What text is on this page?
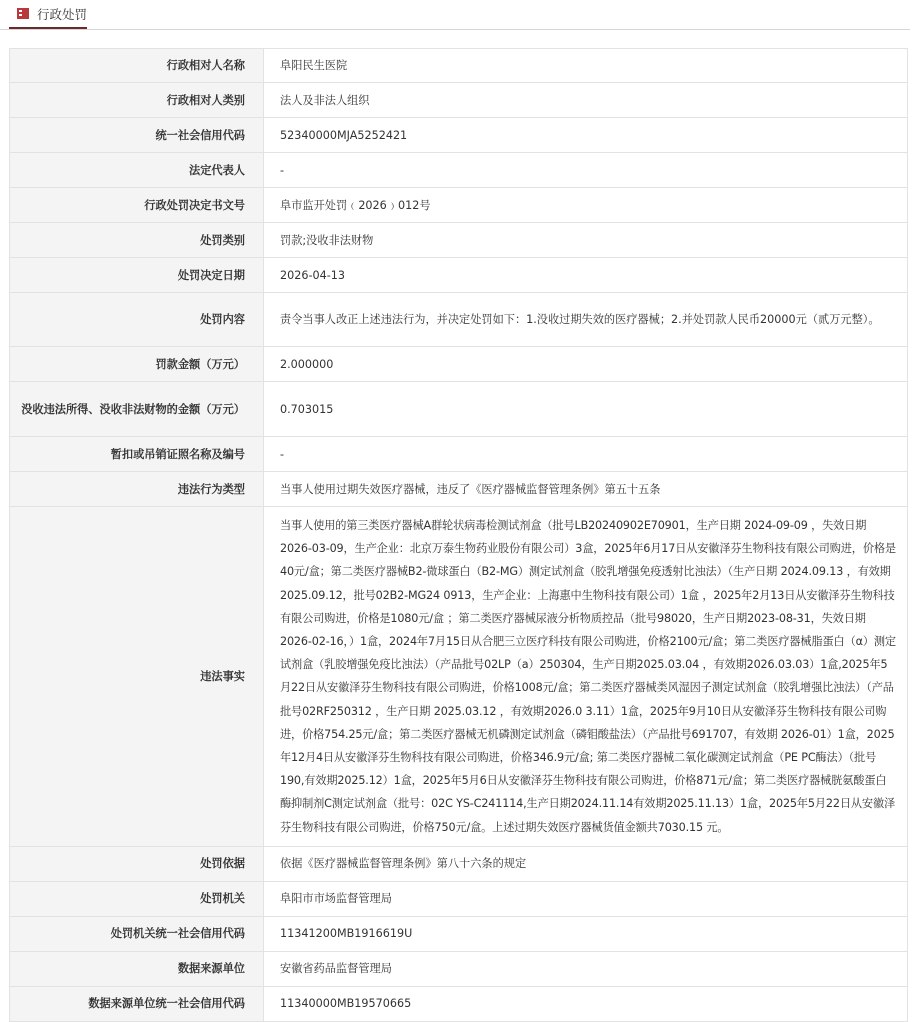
行政处罚
行政相对人名称	阜阳民生医院
行政相对人类别	法人及非法人组织
统一社会信用代码	52340000MJA5252421
法定代表人	-
行政处罚决定书文号	阜市监开处罚﹙2026﹚012号
处罚类别	罚款;没收非法财物
处罚决定日期	2026-04-13
处罚内容	责令当事人改正上述违法行为，并决定处罚如下：1.没收过期失效的医疗器械；2.并处罚款人民币20000元（贰万元整）。
罚款金额（万元）	2.000000
没收违法所得、没收非法财物的金额（万元）	0.703015
暂扣或吊销证照名称及编号	-
违法行为类型	当事人使用过期失效医疗器械，违反了《医疗器械监督管理条例》第五十五条
违法事实	当事人使用的第三类医疗器械A群轮状病毒检测试剂盒（批号LB20240902E70901，生产日期 2024-09-09 ，失效日期2026-03-09，生产企业：北京万泰生物药业股份有限公司）3盒，2025年6月17日从安徽泽芬生物科技有限公司购进，价格是40元/盒；第二类医疗器械B2-微球蛋白（B2-MG）测定试剂盒（胶乳增强免疫透射比浊法）（生产日期 2024.09.13 ，有效期2025.09.12，批号02B2-MG24 0913，生产企业：上海惠中生物科技有限公司）1盒 ，2025年2月13日从安徽泽芬生物科技有限公司购进，价格是1080元/盒 ；第二类医疗器械尿液分析物质控品（批号98020，生产日期2023-08-31，失效日期2026-02-16，）1盒，2024年7月15日从合肥三立医疗科技有限公司购进，价格2100元/盒；第二类医疗器械脂蛋白（α）测定试剂盒（乳胶增强免疫比浊法）（产品批号02LP（a）250304，生产日期2025.03.04 ，有效期2026.03.03）1盒,2025年5月22日从安徽泽芬生物科技有限公司购进，价格1008元/盒；第二类医疗器械类风湿因子测定试剂盒（胶乳增强比浊法）（产品批号02RF250312 ，生产日期 2025.03.12 ，有效期2026.0 3.11）1盒，2025年9月10日从安徽泽芬生物科技有限公司购进，价格754.25元/盒；第二类医疗器械无机磷测定试剂盒（磷钼酸盐法）（产品批号691707，有效期 2026-01）1盒，2025年12月4日从安徽泽芬生物科技有限公司购进，价格346.9元/盒; 第二类医疗器械二氧化碳测定试剂盒（PE PC酶法）（批号190,有效期2025.12）1盒，2025年5月6日从安徽泽芬生物科技有限公司购进，价格871元/盒；第二类医疗器械胱氨酸蛋白酶抑制剂C测定试剂盒（批号：02C YS-C241114,生产日期2024.11.14有效期2025.11.13）1盒，2025年5月22日从安徽泽芬生物科技有限公司购进，价格750元/盒。上述过期失效医疗器械货值金额共7030.15 元。
处罚依据	依据《医疗器械监督管理条例》第八十六条的规定
处罚机关	阜阳市市场监督管理局
处罚机关统一社会信用代码	11341200MB1916619U
数据来源单位	安徽省药品监督管理局
数据来源单位统一社会信用代码	11340000MB19570665
